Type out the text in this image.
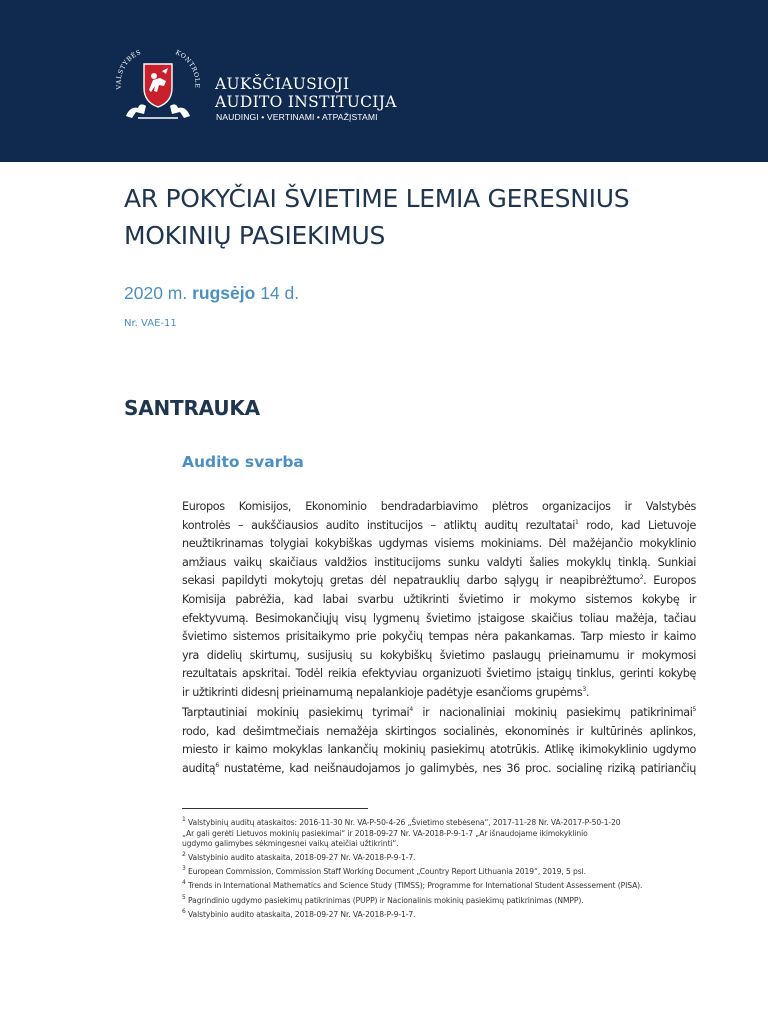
VALSTYBĖS	KONTROLĖ AUKŠČIAUSIOJI
AUDITO INSTITUCIJA
NAUDINGI • VERTINAMI • ATPAŽĮSTAMI
AR POKYČIAI ŠVIETIME LEMIA GERESNIUS
MOKINIŲ PASIEKIMUS
2020 m. rugsėjo 14 d.
Nr. VAE-11
SANTRAUKA
Audito svarba
Europos Komisijos, Ekonominio bendradarbiavimo plėtros organizacijos ir Valstybės
kontrolės – aukščiausios audito institucijos – atliktų auditų rezultatai$^1$ rodo, kad Lietuvoje
neužtikrinamas tolygiai kokybiškas ugdymas visiems mokiniams. Dėl mažėjančio mokyklinio
amžiaus vaikų skaičiaus valdžios institucijoms sunku valdyti šalies mokyklų tinklą. Sunkiai
sekasi papildyti mokytojų gretas dėl nepatrauklių darbo sąlygų ir neapibrėžtumo$^2$. Europos
Komisija pabrėžia, kad labai svarbu užtikrinti švietimo ir mokymo sistemos kokybę ir
efektyvumą. Besimokančiųjų visų lygmenų švietimo įstaigose skaičius toliau mažėja, tačiau
švietimo sistemos prisitaikymo prie pokyčių tempas nėra pakankamas. Tarp miesto ir kaimo
yra didelių skirtumų, susijusių su kokybiškų švietimo paslaugų prieinamumu ir mokymosi
rezultatais apskritai. Todėl reikia efektyviau organizuoti švietimo įstaigų tinklus, gerinti kokybę
ir užtikrinti didesnį prieinamumą nepalankioje padėtyje esančioms grupėms$^3$.
Tarptautiniai mokinių pasiekimų tyrimai$^4$ ir nacionaliniai mokinių pasiekimų patikrinimai$^5$
rodo, kad dešimtmečiais nemažėja skirtingos socialinės, ekonominės ir kultūrinės aplinkos,
miesto ir kaimo mokyklas lankančių mokinių pasiekimų atotrūkis. Atlikę ikimokyklinio ugdymo
auditą$^6$ nustatėme, kad neišnaudojamos jo galimybės, nes 36 proc. socialinę riziką patiriančių
$^1$ Valstybinių auditų ataskaitos: 2016-11-30 Nr. VA-P-50-4-26 „Švietimo stebėsena“, 2017-11-28 Nr. VA-2017-P-50-1-20
„Ar gali gerėti Lietuvos mokinių pasiekimai“ ir 2018-09-27 Nr. VA-2018-P-9-1-7 „Ar išnaudojame ikimokyklinio
ugdymo galimybes sėkmingesnei vaikų ateičiai užtikrinti“.
$^2$ Valstybinio audito ataskaita, 2018-09-27 Nr. VA-2018-P-9-1-7.
$^3$ European Commission, Commission Staff Working Document „Country Report Lithuania 2019“, 2019, 5 psl.
$^4$ Trends in International Mathematics and Science Study (TIMSS); Programme for International Student Assessement (PISA).
$^5$ Pagrindinio ugdymo pasiekimų patikrinimas (PUPP) ir Nacionalinis mokinių pasiekimų patikrinimas (NMPP).
$^6$ Valstybinio audito ataskaita, 2018-09-27 Nr. VA-2018-P-9-1-7.
